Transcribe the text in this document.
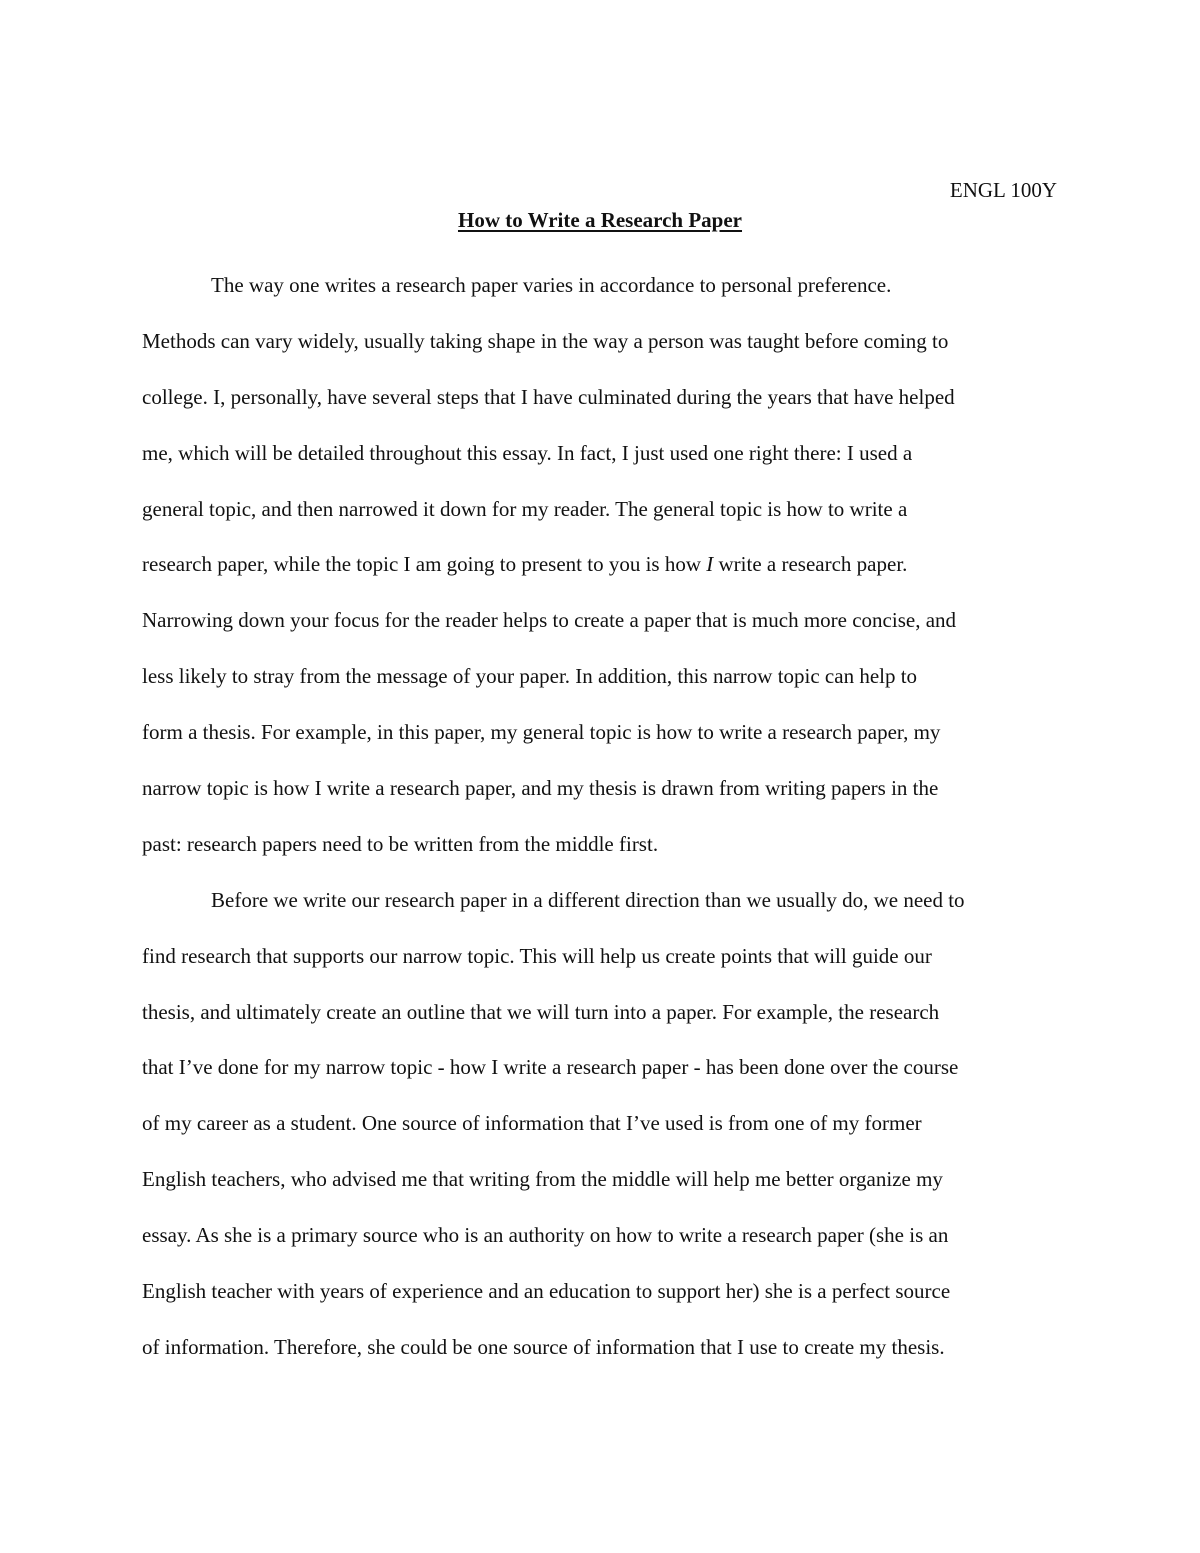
ENGL 100Y
How to Write a Research Paper
The way one writes a research paper varies in accordance to personal preference.
Methods can vary widely, usually taking shape in the way a person was taught before coming to
college. I, personally, have several steps that I have culminated during the years that have helped
me, which will be detailed throughout this essay. In fact, I just used one right there: I used a
general topic, and then narrowed it down for my reader. The general topic is how to write a
research paper, while the topic I am going to present to you is how I write a research paper.
Narrowing down your focus for the reader helps to create a paper that is much more concise, and
less likely to stray from the message of your paper. In addition, this narrow topic can help to
form a thesis. For example, in this paper, my general topic is how to write a research paper, my
narrow topic is how I write a research paper, and my thesis is drawn from writing papers in the
past: research papers need to be written from the middle first.
Before we write our research paper in a different direction than we usually do, we need to
find research that supports our narrow topic. This will help us create points that will guide our
thesis, and ultimately create an outline that we will turn into a paper. For example, the research
that I’ve done for my narrow topic - how I write a research paper - has been done over the course
of my career as a student. One source of information that I’ve used is from one of my former
English teachers, who advised me that writing from the middle will help me better organize my
essay. As she is a primary source who is an authority on how to write a research paper (she is an
English teacher with years of experience and an education to support her) she is a perfect source
of information. Therefore, she could be one source of information that I use to create my thesis.
